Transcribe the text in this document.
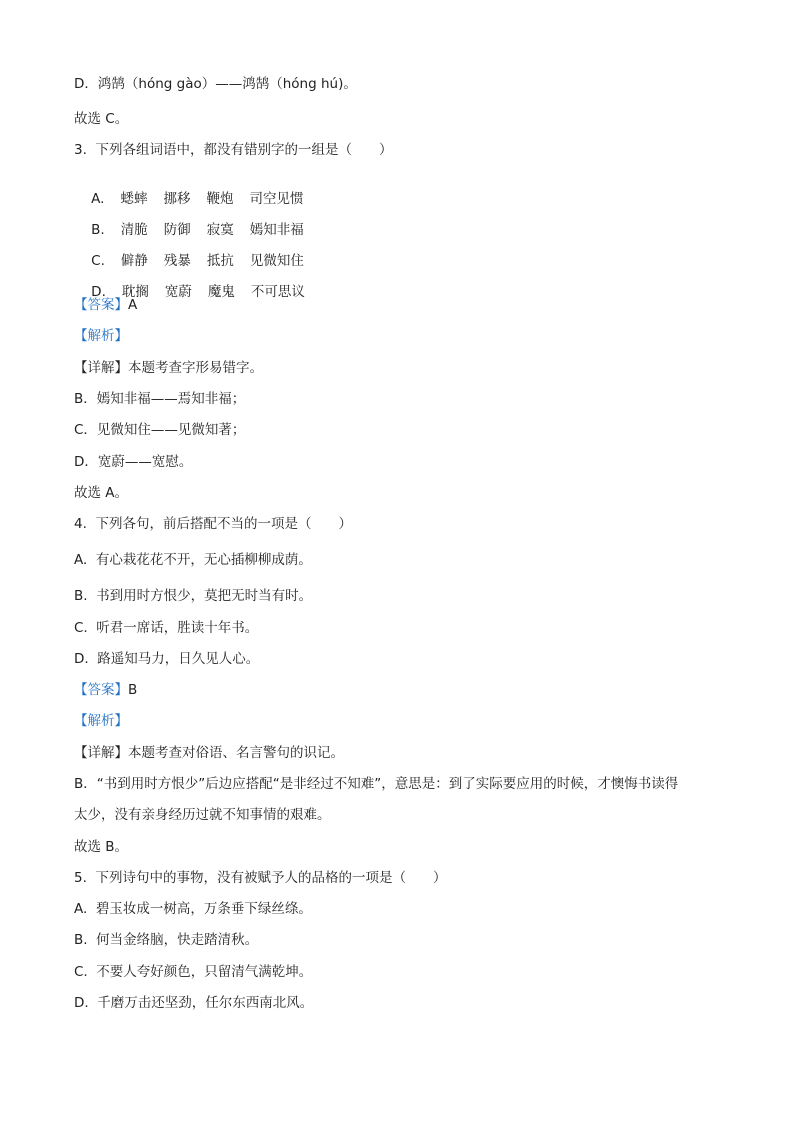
D．鸿鹄（hóng gào）——鸿鹄（hóng hú)。
故选 C。
3.  下列各组词语中，都没有错别字的一组是（　　）

A. 蟋蟀 挪移 鞭炮 司空见惯

B. 清脆 防御 寂寞 嫣知非福

C. 僻静 残暴 抵抗 见微知住

D. 耽搁 宽蔚 魔鬼 不可思议

【答案】A
【解析】
【详解】本题考查字形易错字。
B．嫣知非福——焉知非福；
C．见微知住——见微知著；
D．宽蔚——宽慰。
故选 A。
4.  下列各句，前后搭配不当的一项是（　　）
A.  有心栽花花不开，无心插柳柳成荫。
B.  书到用时方恨少，莫把无时当有时。
C.  听君一席话，胜读十年书。
D.  路遥知马力，日久见人心。
【答案】B
【解析】
【详解】本题考查对俗语、名言警句的识记。
B．“书到用时方恨少”后边应搭配“是非经过不知难”，意思是：到了实际要应用的时候，才懊悔书读得
太少，没有亲身经历过就不知事情的艰难。
故选 B。
5.  下列诗句中的事物，没有被赋予人的品格的一项是（　　）
A.  碧玉妆成一树高，万条垂下绿丝绦。
B.  何当金络脑，快走踏清秋。
C.  不要人夸好颜色，只留清气满乾坤。
D.  千磨万击还坚劲，任尔东西南北风。
